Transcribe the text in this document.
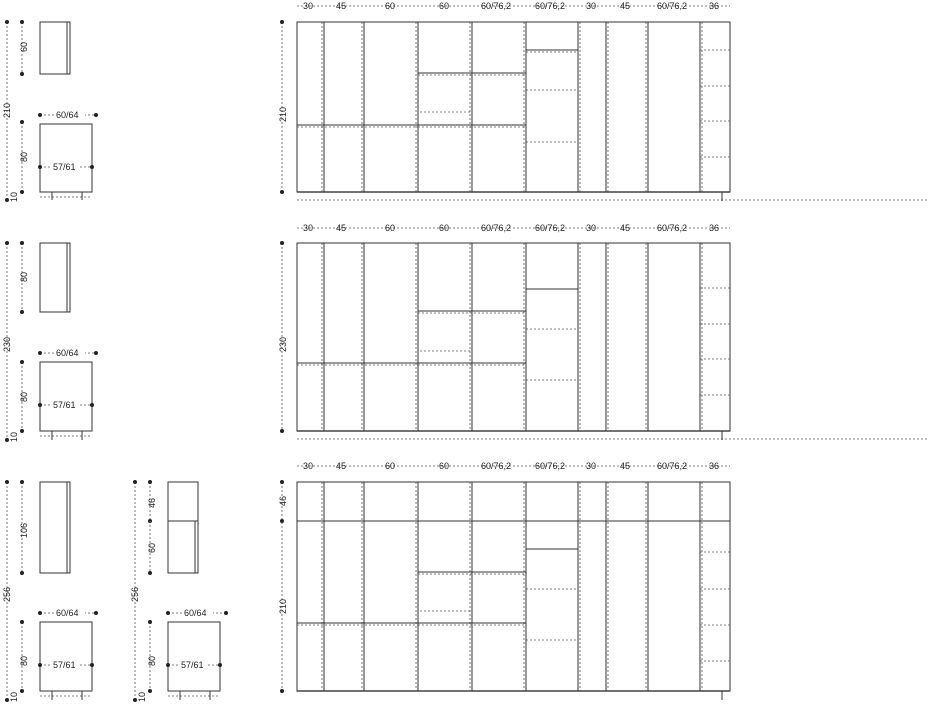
210
60
80
10
60/64
57/61
210
30	45	60	60	60/76,2	60/76,2 30	45	60/76,2 36
230
80
80
10
60/64
57/61
230
30	45	60	60	60/76,2	60/76,2 30	45	60/76,2 36
256
106
80
10
60/64
57/61
256
46
60
80
10
60/64
57/61
46
210
30	45	60	60	60/76,2	60/76,2 30	45	60/76,2 36
